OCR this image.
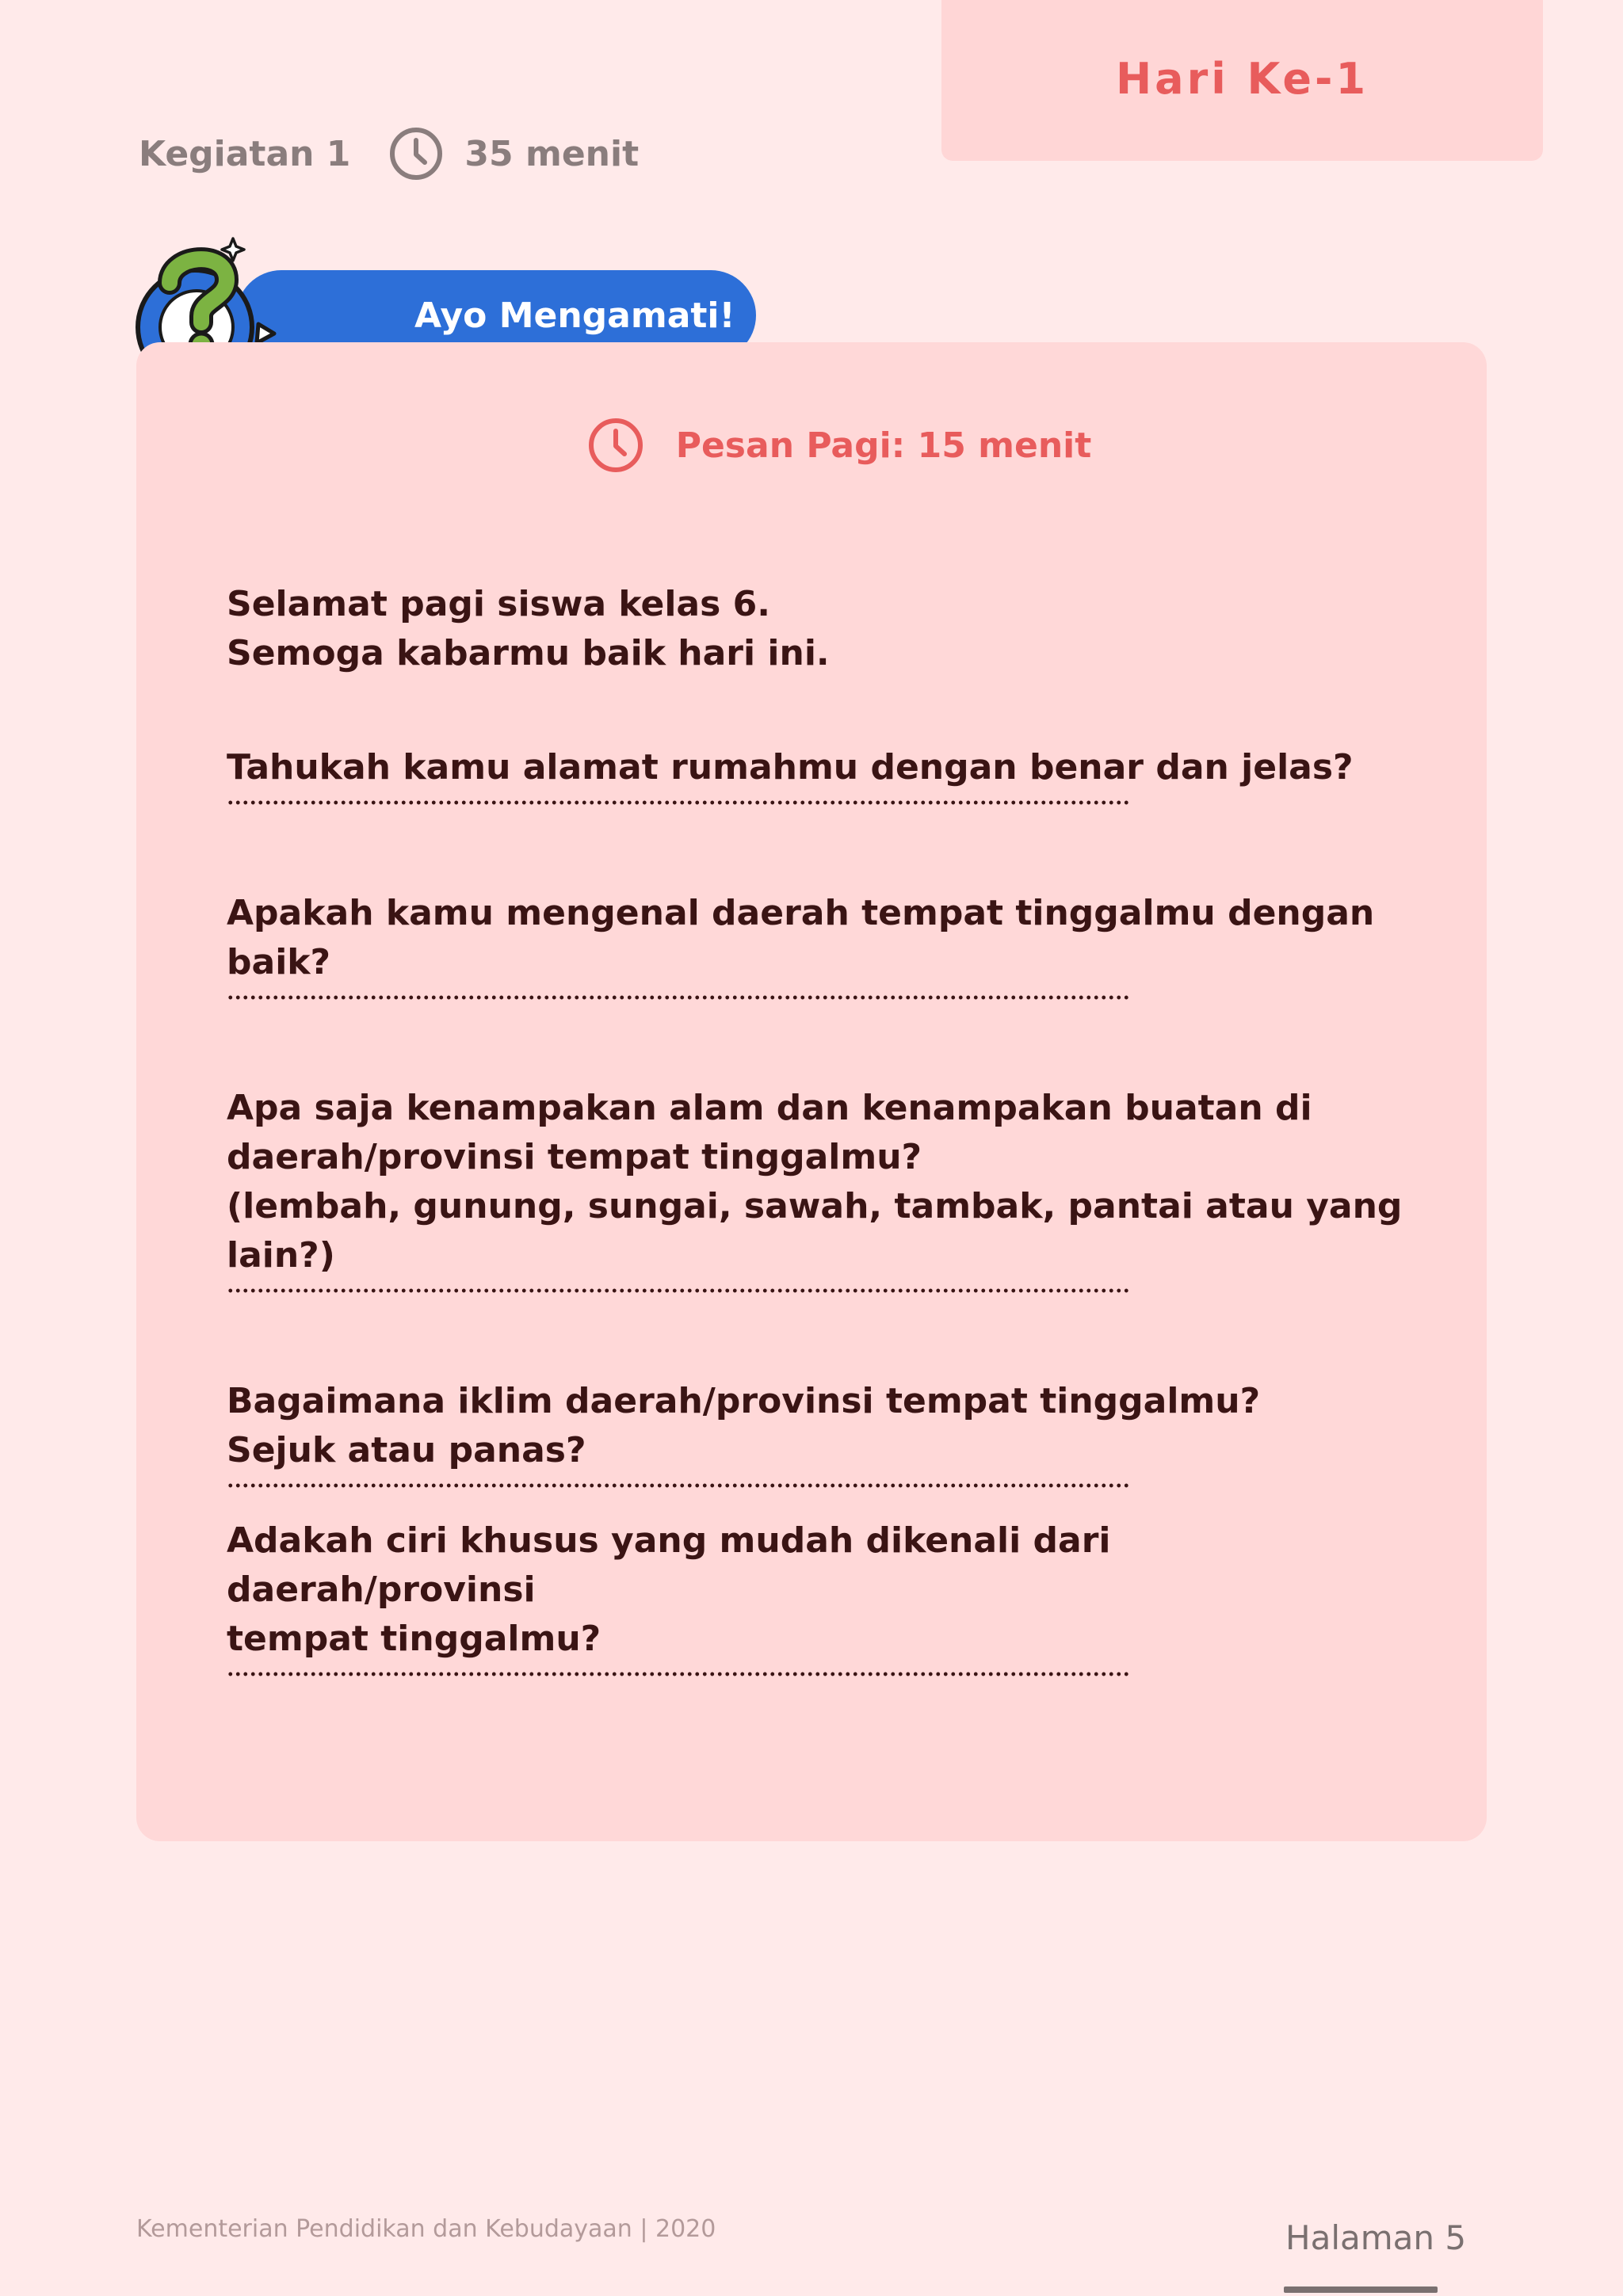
Hari Ke-1
Kegiatan 1	35 menit
Ayo Mengamati!
Pesan Pagi: 15 menit

Selamat pagi siswa kelas 6.

Semoga kabarmu baik hari ini.

Tahukah kamu alamat rumahmu dengan benar dan jelas?

Apakah kamu mengenal daerah tempat tinggalmu dengan

baik?

Apa saja kenampakan alam dan kenampakan buatan di

daerah/provinsi tempat tinggalmu?

(lembah, gunung, sungai, sawah, tambak, pantai atau yang

lain?)

Bagaimana iklim daerah/provinsi tempat tinggalmu?

Sejuk atau panas?

Adakah ciri khusus yang mudah dikenali dari daerah/provinsi

tempat tinggalmu?

Kementerian Pendidikan dan Kebudayaan | 2020	Halaman 5
